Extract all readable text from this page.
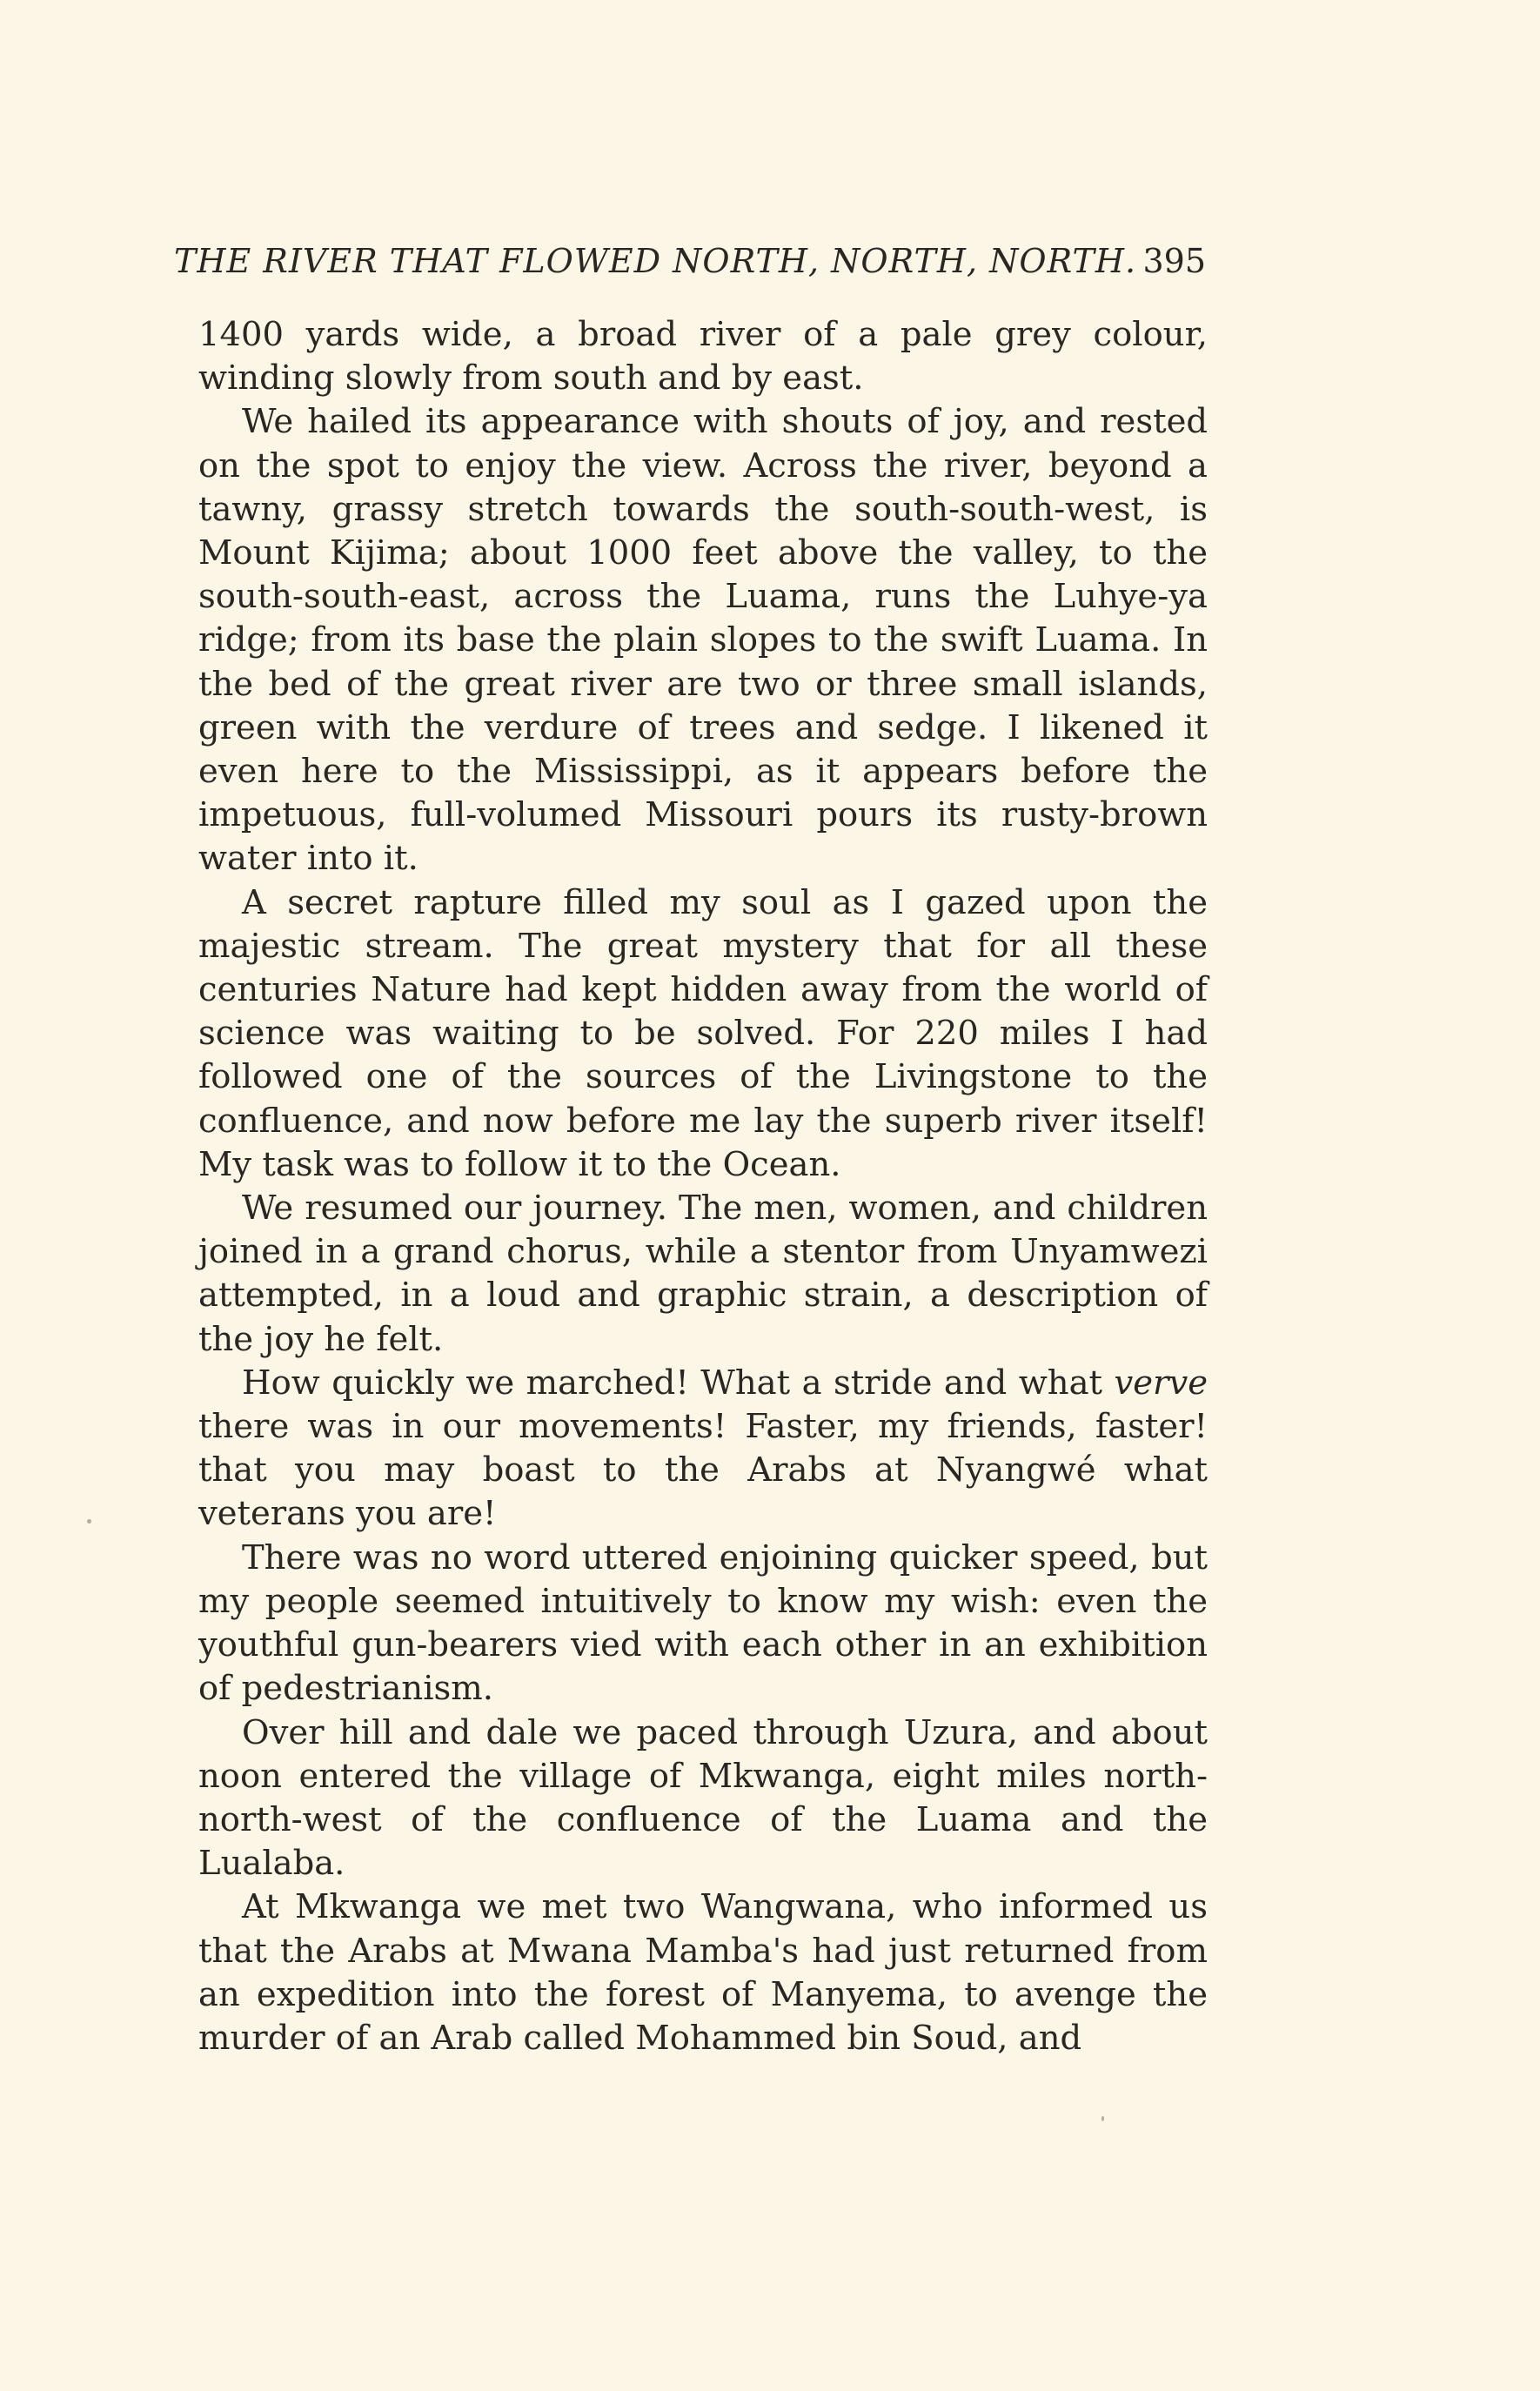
THE RIVER THAT FLOWED NORTH, NORTH, NORTH. 395

1400 yards wide, a broad river of a pale grey colour, winding slowly from south and by east.

We hailed its appearance with shouts of joy, and rested on the spot to enjoy the view. Across the river, beyond a tawny, grassy stretch towards the south-south-west, is Mount Kijima; about 1000 feet above the valley, to the south-south-east, across the Luama, runs the Luhye-ya ridge; from its base the plain slopes to the swift Luama. In the bed of the great river are two or three small islands, green with the verdure of trees and sedge. I likened it even here to the Mississippi, as it appears before the impetuous, full-volumed Missouri pours its rusty-brown water into it.

A secret rapture filled my soul as I gazed upon the majestic stream. The great mystery that for all these centuries Nature had kept hidden away from the world of science was waiting to be solved. For 220 miles I had followed one of the sources of the Livingstone to the confluence, and now before me lay the superb river itself! My task was to follow it to the Ocean.

We resumed our journey. The men, women, and children joined in a grand chorus, while a stentor from Unyamwezi attempted, in a loud and graphic strain, a description of the joy he felt.

How quickly we marched! What a stride and what verve there was in our movements! Faster, my friends, faster! that you may boast to the Arabs at Nyangwé what veterans you are!

There was no word uttered enjoining quicker speed, but my people seemed intuitively to know my wish: even the youthful gun-bearers vied with each other in an exhibition of pedestrianism.

Over hill and dale we paced through Uzura, and about noon entered the village of Mkwanga, eight miles north-north-west of the confluence of the Luama and the Lualaba.

At Mkwanga we met two Wangwana, who informed us that the Arabs at Mwana Mamba's had just returned from an expedition into the forest of Manyema, to avenge the murder of an Arab called Mohammed bin Soud, and
